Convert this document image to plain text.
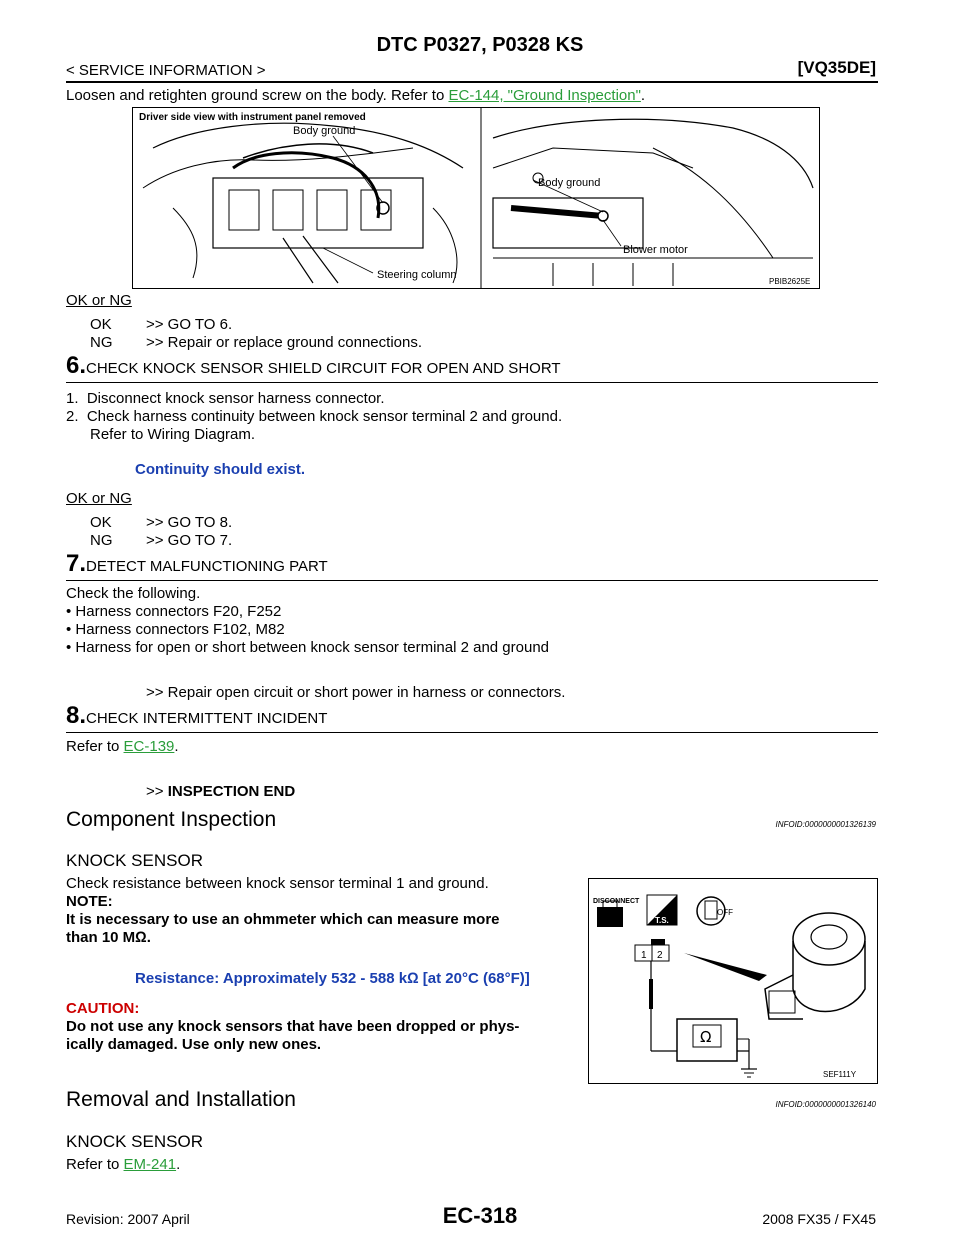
DTC P0327, P0328 KS
< SERVICE INFORMATION >	[VQ35DE]
Loosen and retighten ground screw on the body. Refer to EC-144, "Ground Inspection".
Driver side view with instrument panel removed
Body ground
Steering column
Body ground
Blower motor
PBIB2625E
OK or NG
OK >> GO TO 6.
NG >> Repair or replace ground connections.
6.CHECK KNOCK SENSOR SHIELD CIRCUIT FOR OPEN AND SHORT
1.  Disconnect knock sensor harness connector.
2.  Check harness continuity between knock sensor terminal 2 and ground.
Refer to Wiring Diagram.
Continuity should exist.
OK or NG
OK >> GO TO 8.
NG >> GO TO 7.
7.DETECT MALFUNCTIONING PART
Check the following.
• Harness connectors F20, F252
• Harness connectors F102, M82
• Harness for open or short between knock sensor terminal 2 and ground
>> Repair open circuit or short power in harness or connectors.
8.CHECK INTERMITTENT INCIDENT
Refer to EC-139.
>> INSPECTION END
Component Inspection	INFOID:0000000001326139
KNOCK SENSOR
Check resistance between knock sensor terminal 1 and ground.
NOTE:
It is necessary to use an ohmmeter which can measure more
than 10 MΩ.
Resistance: Approximately 532 - 588 kΩ [at 20°C (68°F)]
CAUTION:
Do not use any knock sensors that have been dropped or phys-
ically damaged. Use only new ones.
DISCONNECT
T.S.
OFF
1 2
Ω
SEF111Y
Removal and Installation	INFOID:0000000001326140
KNOCK SENSOR
Refer to EM-241.
EC-318
Revision: 2007 April	2008 FX35 / FX45
